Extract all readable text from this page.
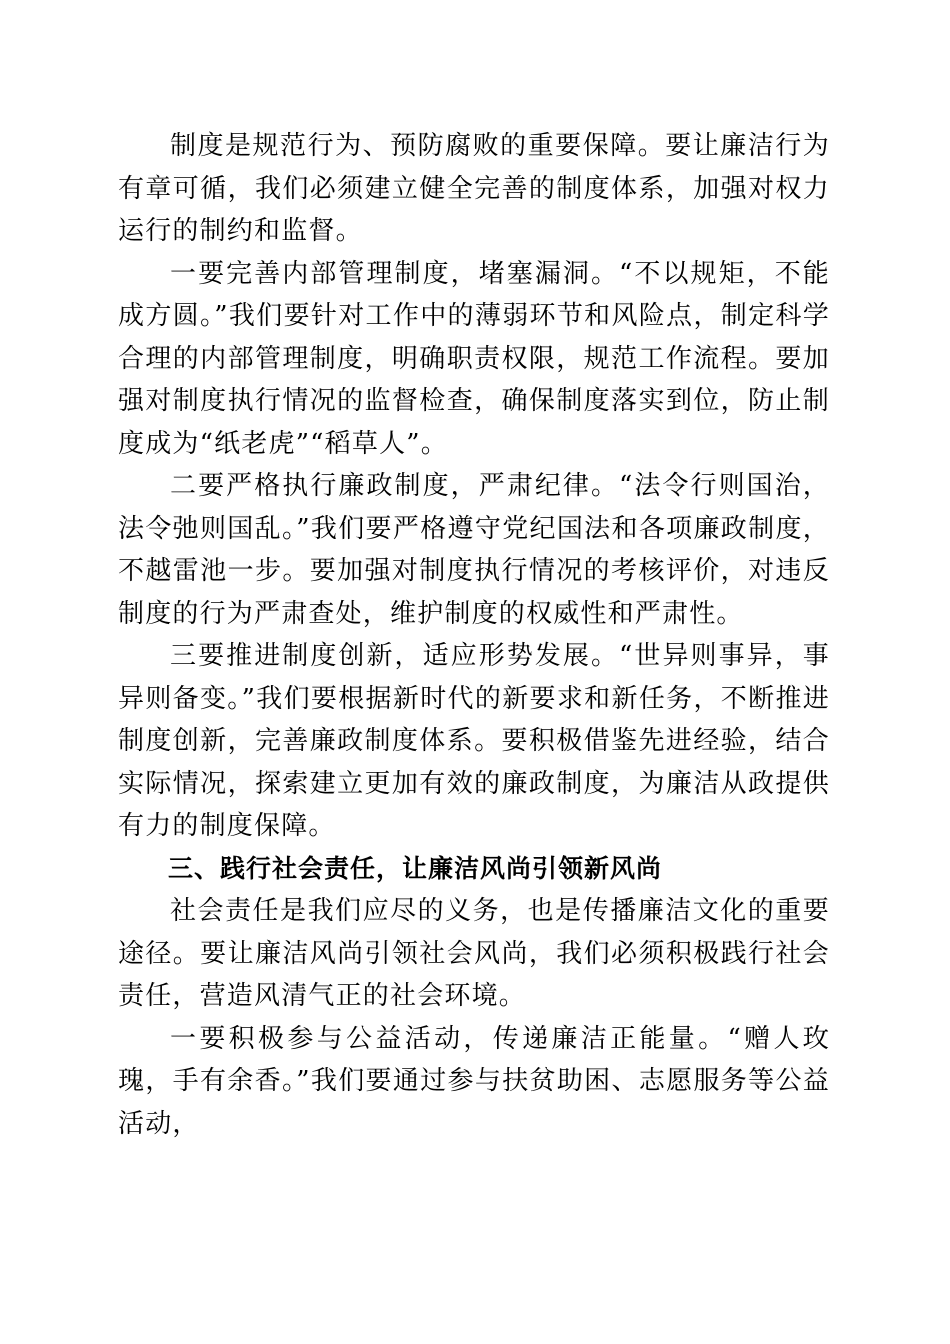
制度是规范行为、预防腐败的重要保障。要让廉洁行为有章可循，我们必须建立健全完善的制度体系，加强对权力运行的制约和监督。

一要完善内部管理制度，堵塞漏洞。“不以规矩，不能成方圆。”我们要针对工作中的薄弱环节和风险点，制定科学合理的内部管理制度，明确职责权限，规范工作流程。要加强对制度执行情况的监督检查，确保制度落实到位，防止制度成为“纸老虎”“稻草人”。

二要严格执行廉政制度，严肃纪律。“法令行则国治，法令弛则国乱。”我们要严格遵守党纪国法和各项廉政制度，不越雷池一步。要加强对制度执行情况的考核评价，对违反制度的行为严肃查处，维护制度的权威性和严肃性。

三要推进制度创新，适应形势发展。“世异则事异，事异则备变。”我们要根据新时代的新要求和新任务，不断推进制度创新，完善廉政制度体系。要积极借鉴先进经验，结合实际情况，探索建立更加有效的廉政制度，为廉洁从政提供有力的制度保障。

三、践行社会责任，让廉洁风尚引领新风尚

社会责任是我们应尽的义务，也是传播廉洁文化的重要途径。要让廉洁风尚引领社会风尚，我们必须积极践行社会责任，营造风清气正的社会环境。

一要积极参与公益活动，传递廉洁正能量。“赠人玫瑰，手有余香。”我们要通过参与扶贫助困、志愿服务等公益活动，
